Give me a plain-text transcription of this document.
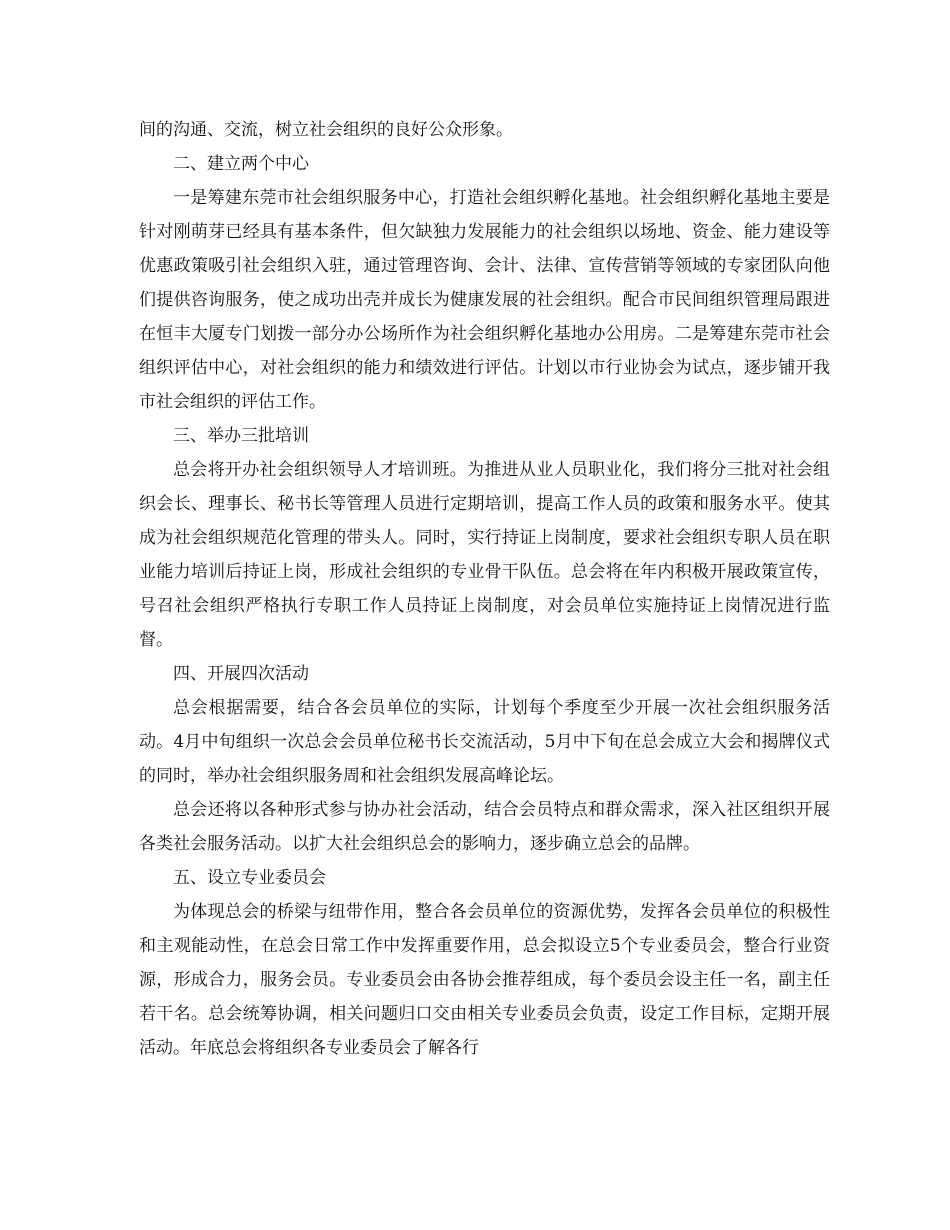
间的沟通、交流，树立社会组织的良好公众形象。

二、建立两个中心

一是筹建东莞市社会组织服务中心，打造社会组织孵化基地。社会组织孵化基地主要是针对刚萌芽已经具有基本条件，但欠缺独力发展能力的社会组织以场地、资金、能力建设等优惠政策吸引社会组织入驻，通过管理咨询、会计、法律、宣传营销等领域的专家团队向他们提供咨询服务，使之成功出壳并成长为健康发展的社会组织。配合市民间组织管理局跟进在恒丰大厦专门划拨一部分办公场所作为社会组织孵化基地办公用房。二是筹建东莞市社会组织评估中心，对社会组织的能力和绩效进行评估。计划以市行业协会为试点，逐步铺开我市社会组织的评估工作。

三、举办三批培训

总会将开办社会组织领导人才培训班。为推进从业人员职业化，我们将分三批对社会组织会长、理事长、秘书长等管理人员进行定期培训，提高工作人员的政策和服务水平。使其成为社会组织规范化管理的带头人。同时，实行持证上岗制度，要求社会组织专职人员在职业能力培训后持证上岗，形成社会组织的专业骨干队伍。总会将在年内积极开展政策宣传，号召社会组织严格执行专职工作人员持证上岗制度，对会员单位实施持证上岗情况进行监督。

四、开展四次活动

总会根据需要，结合各会员单位的实际，计划每个季度至少开展一次社会组织服务活动。4月中旬组织一次总会会员单位秘书长交流活动，5月中下旬在总会成立大会和揭牌仪式的同时，举办社会组织服务周和社会组织发展高峰论坛。

总会还将以各种形式参与协办社会活动，结合会员特点和群众需求，深入社区组织开展各类社会服务活动。以扩大社会组织总会的影响力，逐步确立总会的品牌。

五、设立专业委员会

为体现总会的桥梁与纽带作用，整合各会员单位的资源优势，发挥各会员单位的积极性和主观能动性，在总会日常工作中发挥重要作用，总会拟设立5个专业委员会，整合行业资源，形成合力，服务会员。专业委员会由各协会推荐组成，每个委员会设主任一名，副主任若干名。总会统筹协调，相关问题归口交由相关专业委员会负责，设定工作目标，定期开展活动。年底总会将组织各专业委员会了解各行
